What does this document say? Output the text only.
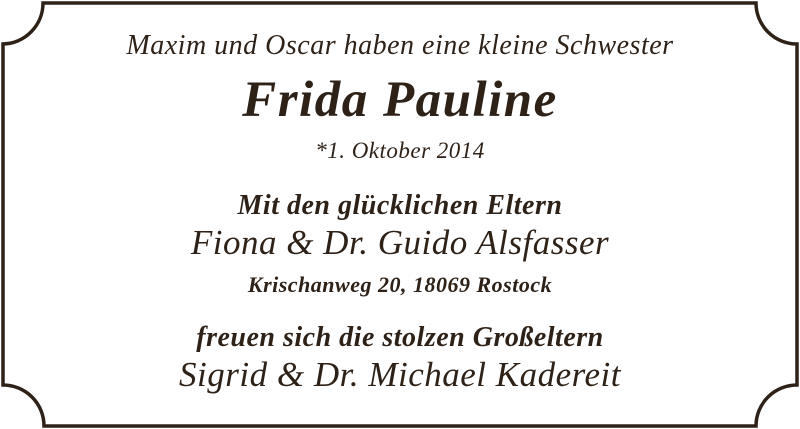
Maxim und Oscar haben eine kleine Schwester
Frida Pauline
*1. Oktober 2014
Mit den glücklichen Eltern
Fiona & Dr. Guido Alsfasser
Krischanweg 20, 18069 Rostock
freuen sich die stolzen Großeltern
Sigrid & Dr. Michael Kadereit
